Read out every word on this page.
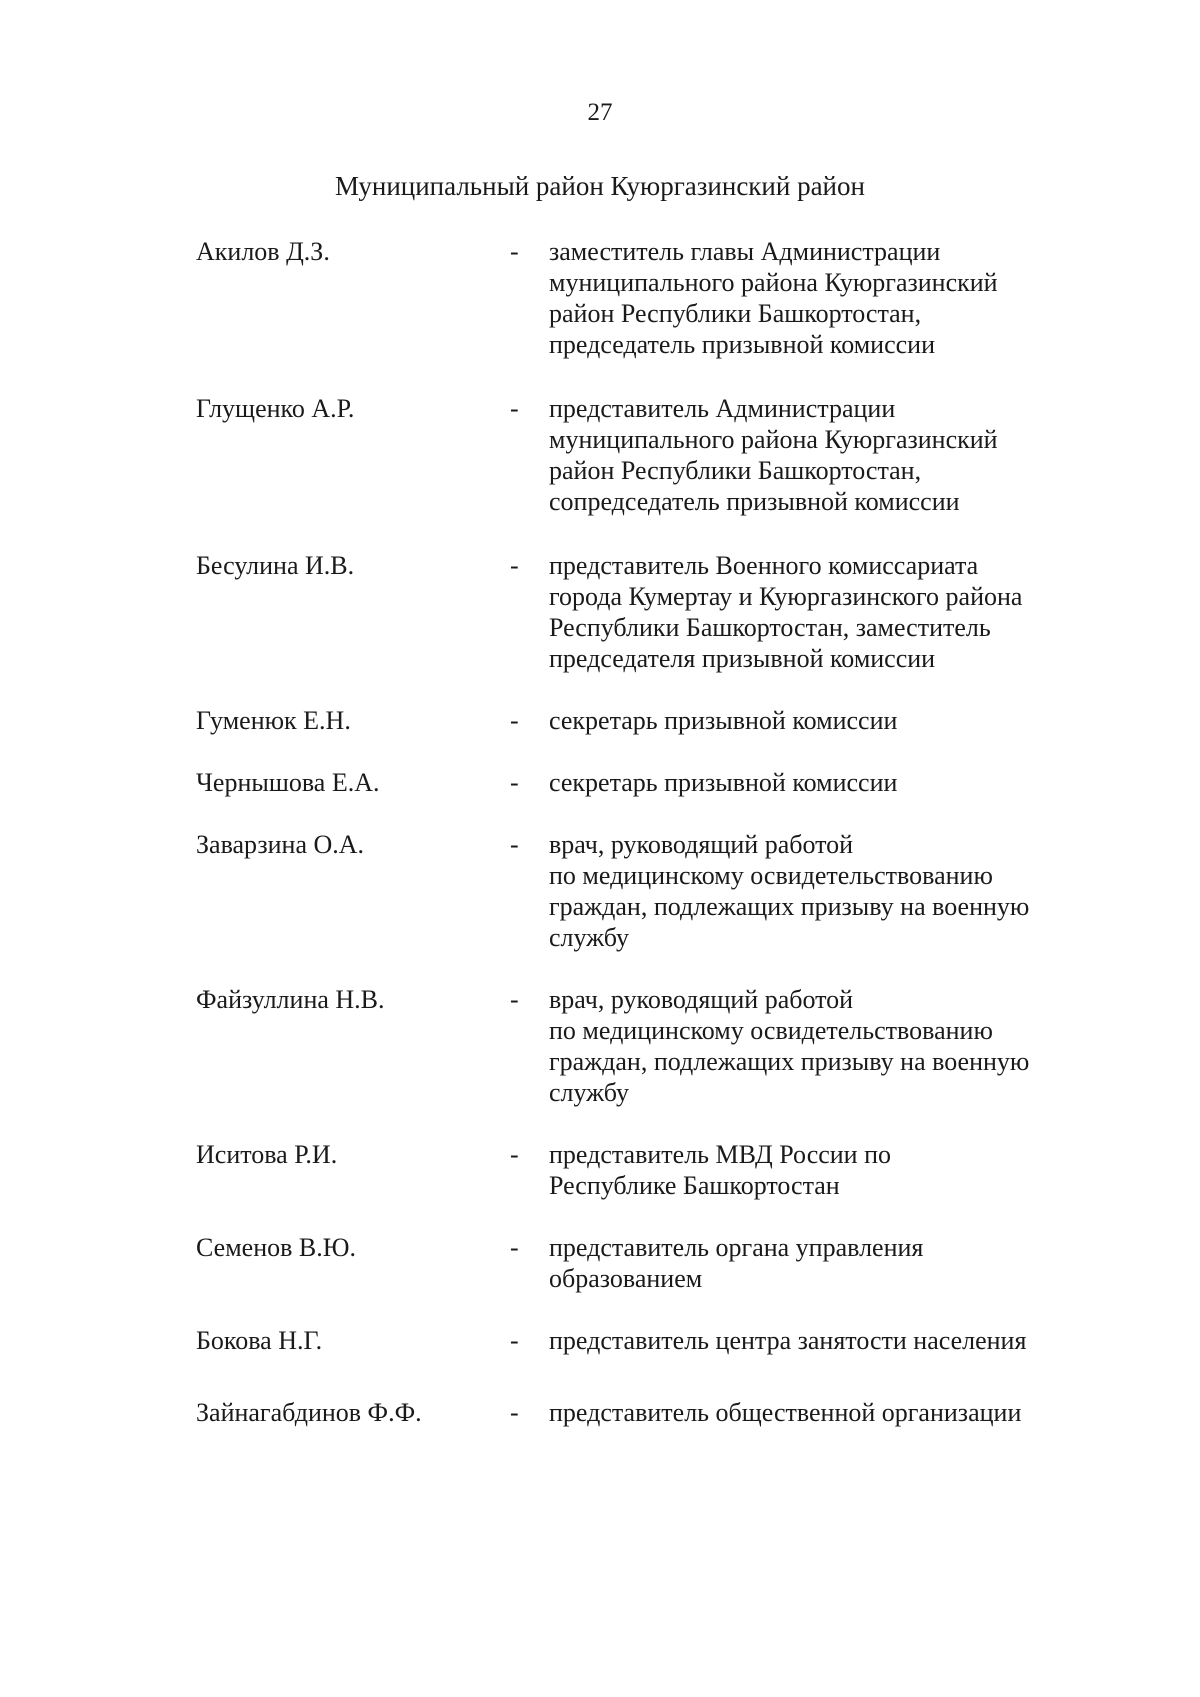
27
Муниципальный район Куюргазинский район
Акилов Д.З.	- заместитель главы Администрации
муниципального района Куюргазинский
район Республики Башкортостан,
председатель призывной комиссии
Глущенко А.Р.	- представитель Администрации
муниципального района Куюргазинский
район Республики Башкортостан,
сопредседатель призывной комиссии
Бесулина И.В.	- представитель Военного комиссариата
города Кумертау и Куюргазинского района
Республики Башкортостан, заместитель
председателя призывной комиссии
Гуменюк Е.Н.	- секретарь призывной комиссии
Чернышова Е.А.	- секретарь призывной комиссии
Заварзина О.А.	- врач, руководящий работой
по медицинскому освидетельствованию
граждан, подлежащих призыву на военную
службу
Файзуллина Н.В.	- врач, руководящий работой
по медицинскому освидетельствованию
граждан, подлежащих призыву на военную
службу
Иситова Р.И.	- представитель МВД России по
Республике Башкортостан
Семенов В.Ю.	- представитель органа управления
образованием
Бокова Н.Г.	- представитель центра занятости населения
Зайнагабдинов Ф.Ф.	- представитель общественной организации
